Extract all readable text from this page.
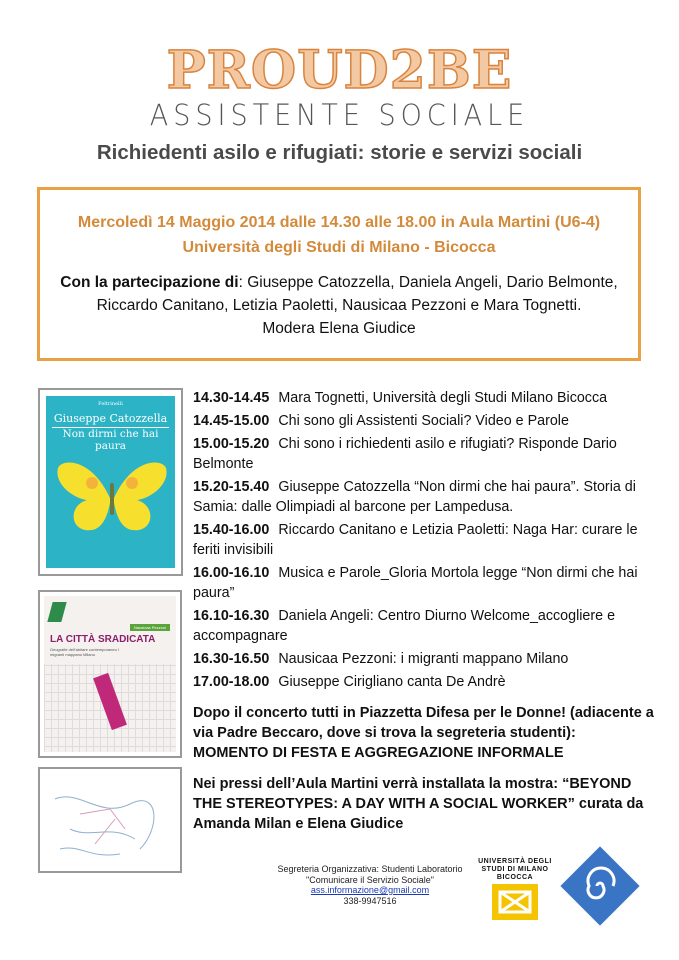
PROUD2BE
ASSISTENTE SOCIALE
Richiedenti asilo e rifugiati: storie e servizi sociali
Mercoledì 14 Maggio 2014 dalle 14.30 alle 18.00 in Aula Martini (U6-4)
Università degli Studi di Milano - Bicocca
Con la partecipazione di: Giuseppe Catozzella, Daniela Angeli, Dario Belmonte, Riccardo Canitano, Letizia Paoletti, Nausicaa Pezzoni e Mara Tognetti.
Modera Elena Giudice
Feltrinelli
Giuseppe Catozzella
Non dirmi che hai paura
Nausicaa Pezzoni
LA CITTÀ SRADICATA
Geografie dell'abitare contemporaneo I migranti mappano Milano
14.30-14.45 Mara Tognetti, Università degli Studi Milano Bicocca
14.45-15.00 Chi sono gli Assistenti Sociali? Video e Parole
15.00-15.20 Chi sono i richiedenti asilo e rifugiati? Risponde Dario Belmonte
15.20-15.40 Giuseppe Catozzella “Non dirmi che hai paura”. Storia di Samia: dalle Olimpiadi al barcone per Lampedusa.
15.40-16.00 Riccardo Canitano e Letizia Paoletti: Naga Har: curare le feriti invisibili
16.00-16.10 Musica e Parole_Gloria Mortola legge “Non dirmi che hai paura”
16.10-16.30 Daniela Angeli: Centro Diurno Welcome_accogliere e accompagnare
16.30-16.50 Nausicaa Pezzoni: i migranti mappano Milano
17.00-18.00 Giuseppe Cirigliano canta De Andrè
Dopo il concerto tutti in Piazzetta Difesa per le Donne! (adiacente a via Padre Beccaro, dove si trova la segreteria studenti): MOMENTO DI FESTA E AGGREGAZIONE INFORMALE
Nei pressi dell’Aula Martini verrà installata la mostra: “BEYOND THE STEREOTYPES: A DAY WITH A SOCIAL WORKER” curata da Amanda Milan e Elena Giudice
Segreteria Organizzativa: Studenti Laboratorio
"Comunicare il Servizio Sociale"
ass.informazione@gmail.com
338-9947516
UNIVERSITÀ DEGLI STUDI DI MILANO BICOCCA
